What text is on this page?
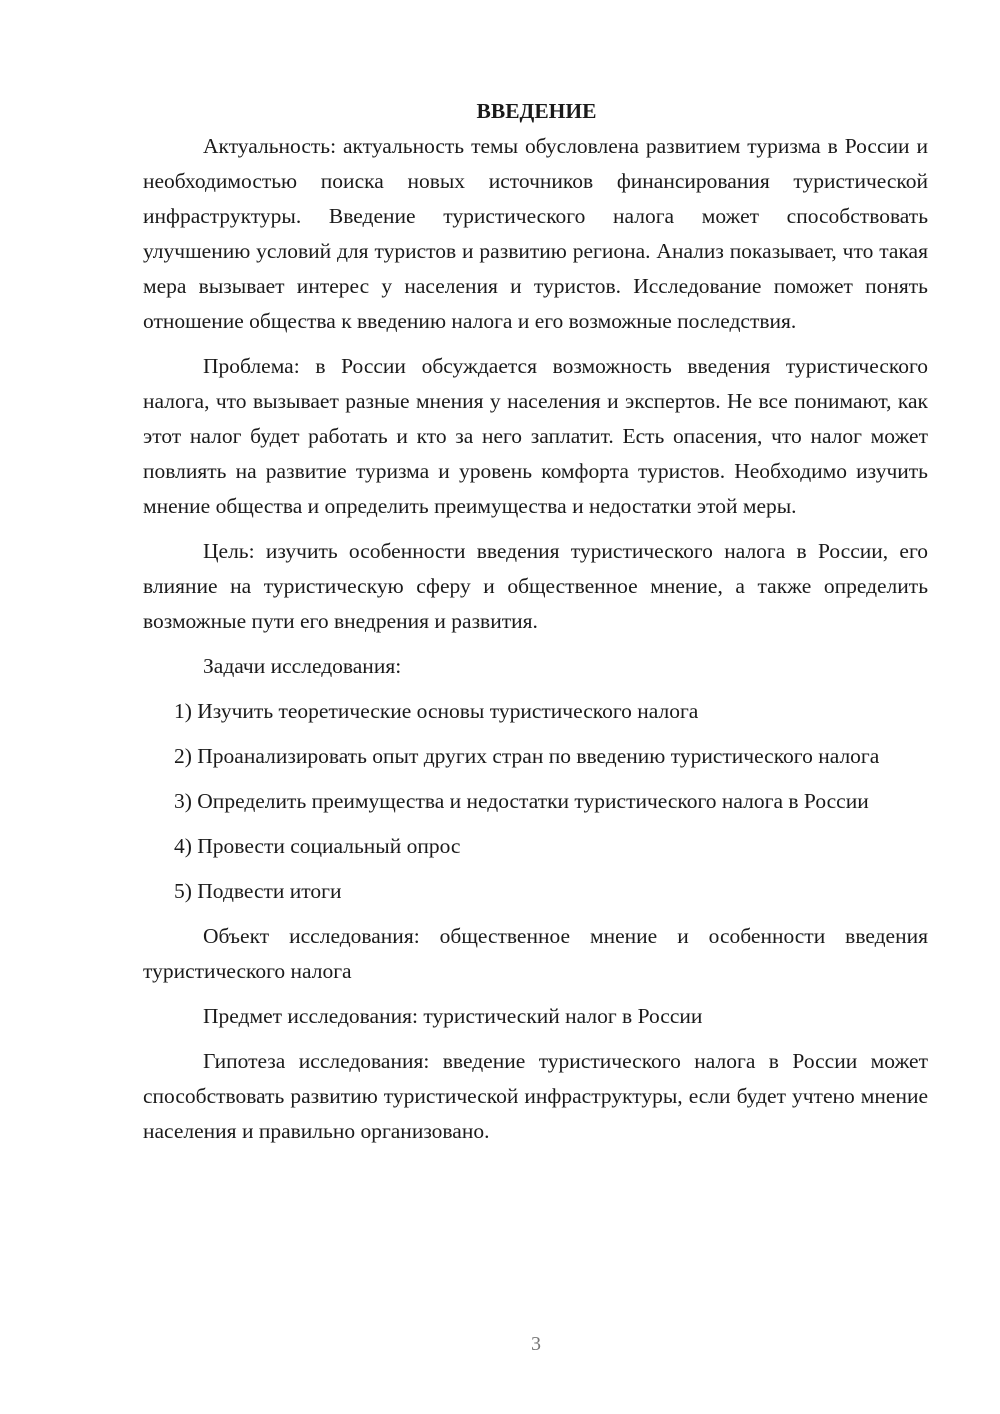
ВВЕДЕНИЕ

Актуальность: актуальность темы обусловлена развитием туризма в России и необходимостью поиска новых источников финансирования туристической инфраструктуры. Введение туристического налога может способствовать улучшению условий для туристов и развитию региона. Анализ показывает, что такая мера вызывает интерес у населения и туристов. Исследование поможет понять отношение общества к введению налога и его возможные последствия.

Проблема: в России обсуждается возможность введения туристического налога, что вызывает разные мнения у населения и экспертов. Не все понимают, как этот налог будет работать и кто за него заплатит. Есть опасения, что налог может повлиять на развитие туризма и уровень комфорта туристов. Необходимо изучить мнение общества и определить преимущества и недостатки этой меры.

Цель: изучить особенности введения туристического налога в России, его влияние на туристическую сферу и общественное мнение, а также определить возможные пути его внедрения и развития.

Задачи исследования:

1) Изучить теоретические основы туристического налога

2) Проанализировать опыт других стран по введению туристического налога

3) Определить преимущества и недостатки туристического налога в России

4) Провести социальный опрос

5) Подвести итоги

Объект исследования: общественное мнение и особенности введения туристического налога

Предмет исследования: туристический налог в России

Гипотеза исследования: введение туристического налога в России может способствовать развитию туристической инфраструктуры, если будет учтено мнение населения и правильно организовано.

3
